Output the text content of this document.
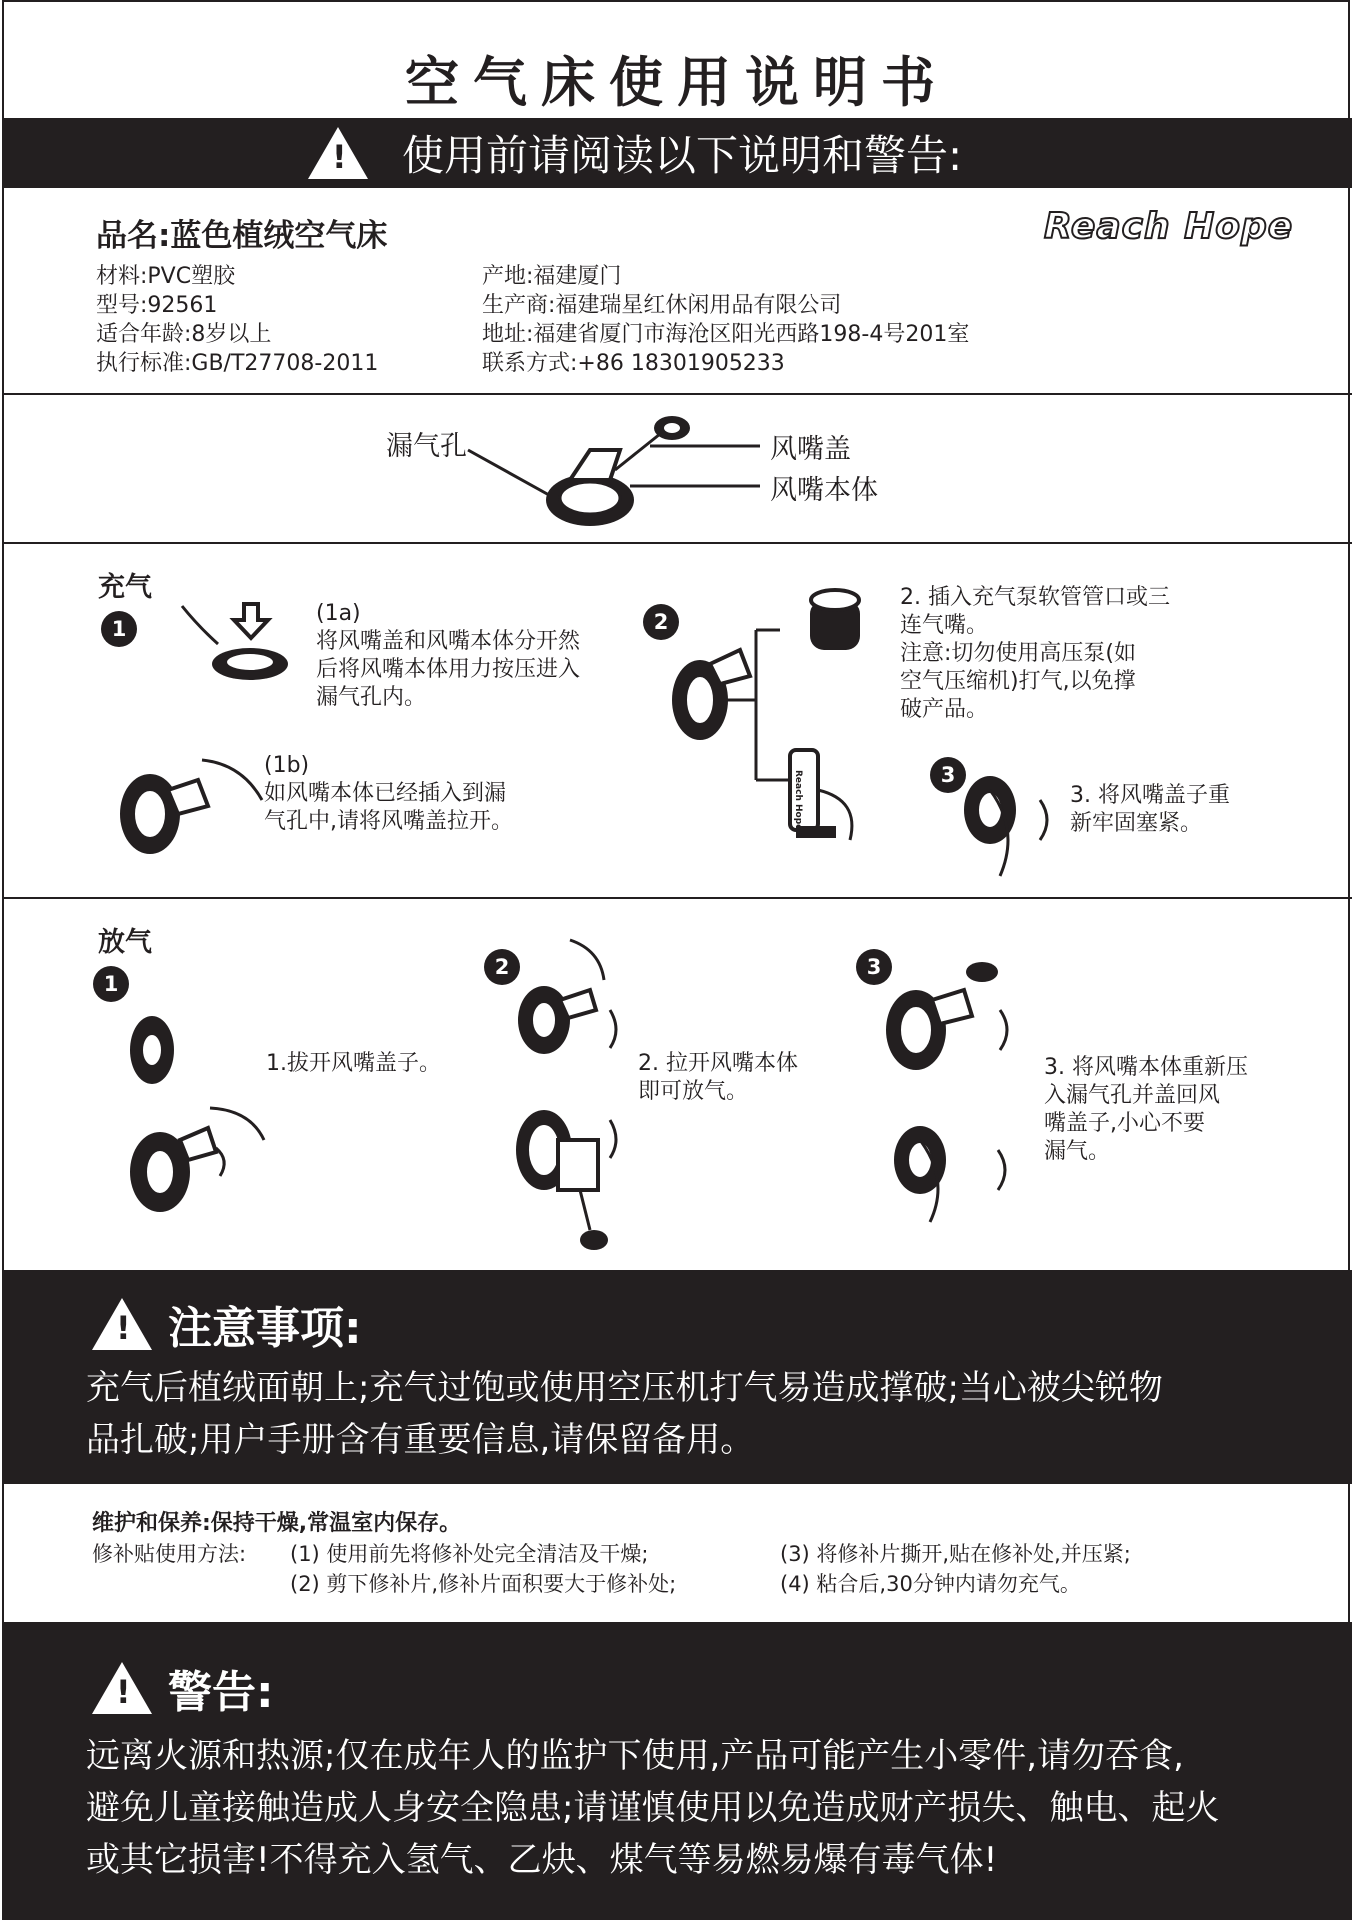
空气床使用说明书
! 使用前请阅读以下说明和警告:
品名:蓝色植绒空气床	Reach Hope
材料:PVC塑胶
型号:92561
适合年龄:8岁以上
执行标准:GB/T27708-2011
产地:福建厦门
生产商:福建瑞星红休闲用品有限公司
地址:福建省厦门市海沧区阳光西路198-4号201室
联系方式:+86 18301905233
漏气孔	风嘴盖
风嘴本体
充气
1
(1a)
将风嘴盖和风嘴本体分开然
后将风嘴本体用力按压进入
漏气孔内。
(1b)
如风嘴本体已经插入到漏
气孔中,请将风嘴盖拉开。
2
Reach Hope
2. 插入充气泵软管管口或三
连气嘴。
注意:切勿使用高压泵(如
空气压缩机)打气,以免撑
破产品。
3
3. 将风嘴盖子重
新牢固塞紧。
放气
1
1.拔开风嘴盖子。
2
2. 拉开风嘴本体
即可放气。
3
3. 将风嘴本体重新压
入漏气孔并盖回风
嘴盖子,小心不要
漏气。
! 注意事项:
充气后植绒面朝上;充气过饱或使用空压机打气易造成撑破;当心被尖锐物
品扎破;用户手册含有重要信息,请保留备用。
维护和保养:保持干燥,常温室内保存。
修补贴使用方法: (1) 使用前先将修补处完全清洁及干燥;
(2) 剪下修补片,修补片面积要大于修补处;
(3) 将修补片撕开,贴在修补处,并压紧;
(4) 粘合后,30分钟内请勿充气。
! 警告:
远离火源和热源;仅在成年人的监护下使用,产品可能产生小零件,请勿吞食,
避免儿童接触造成人身安全隐患;请谨慎使用以免造成财产损失、触电、起火
或其它损害!不得充入氢气、乙炔、煤气等易燃易爆有毒气体!
